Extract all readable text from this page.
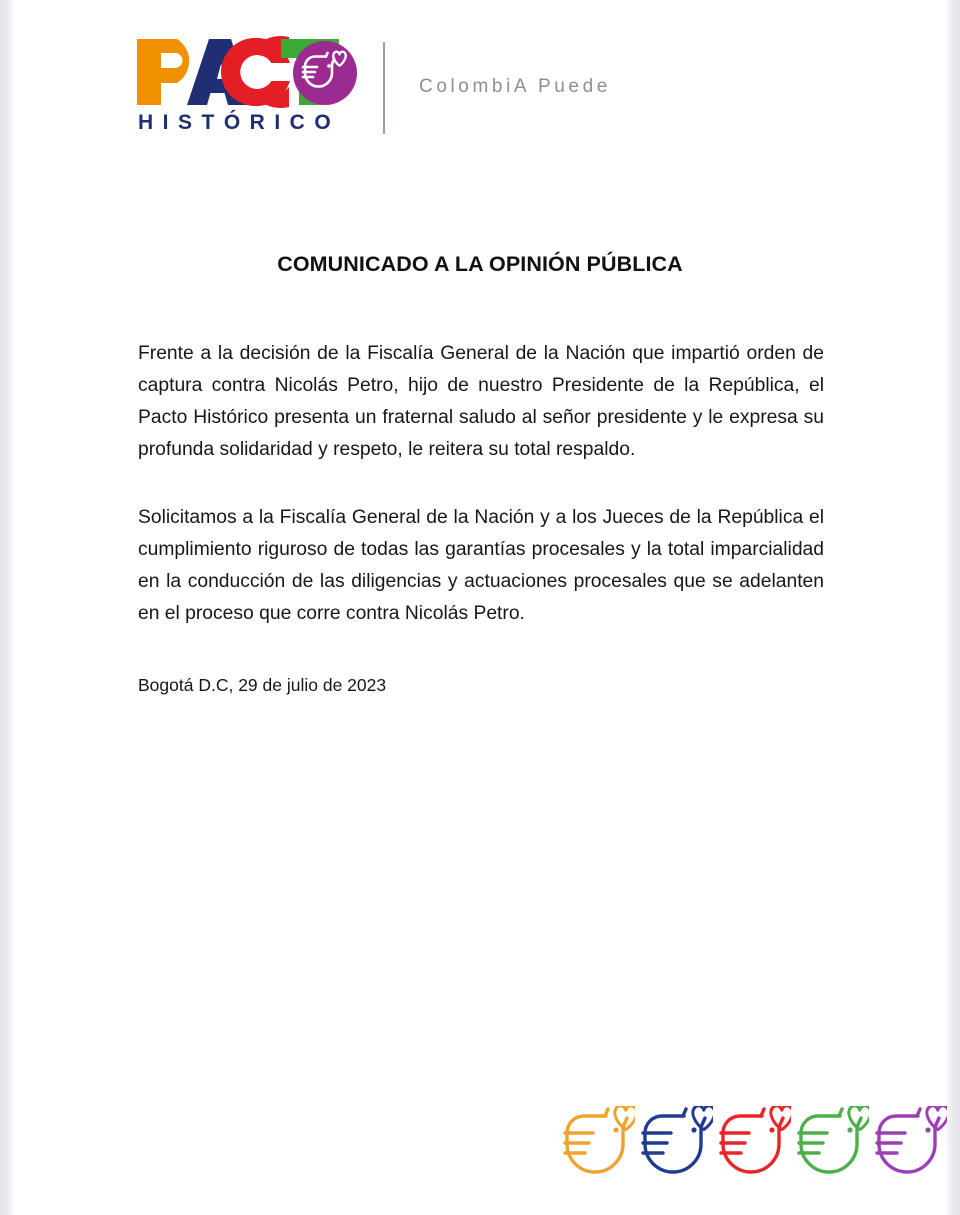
HISTÓRICO
ColombiA Puede
COMUNICADO A LA OPINIÓN PÚBLICA

Frente a la decisión de la Fiscalía General de la Nación que impartió orden de captura contra Nicolás Petro, hijo de nuestro Presidente de la República, el Pacto Histórico presenta un fraternal saludo al señor presidente y le expresa su profunda solidaridad y respeto, le reitera su total respaldo.

Solicitamos a la Fiscalía General de la Nación y a los Jueces de la República el cumplimiento riguroso de todas las garantías procesales y la total imparcialidad en la conducción de las diligencias y actuaciones procesales que se adelanten en el proceso que corre contra Nicolás Petro.

Bogotá D.C, 29 de julio de 2023
